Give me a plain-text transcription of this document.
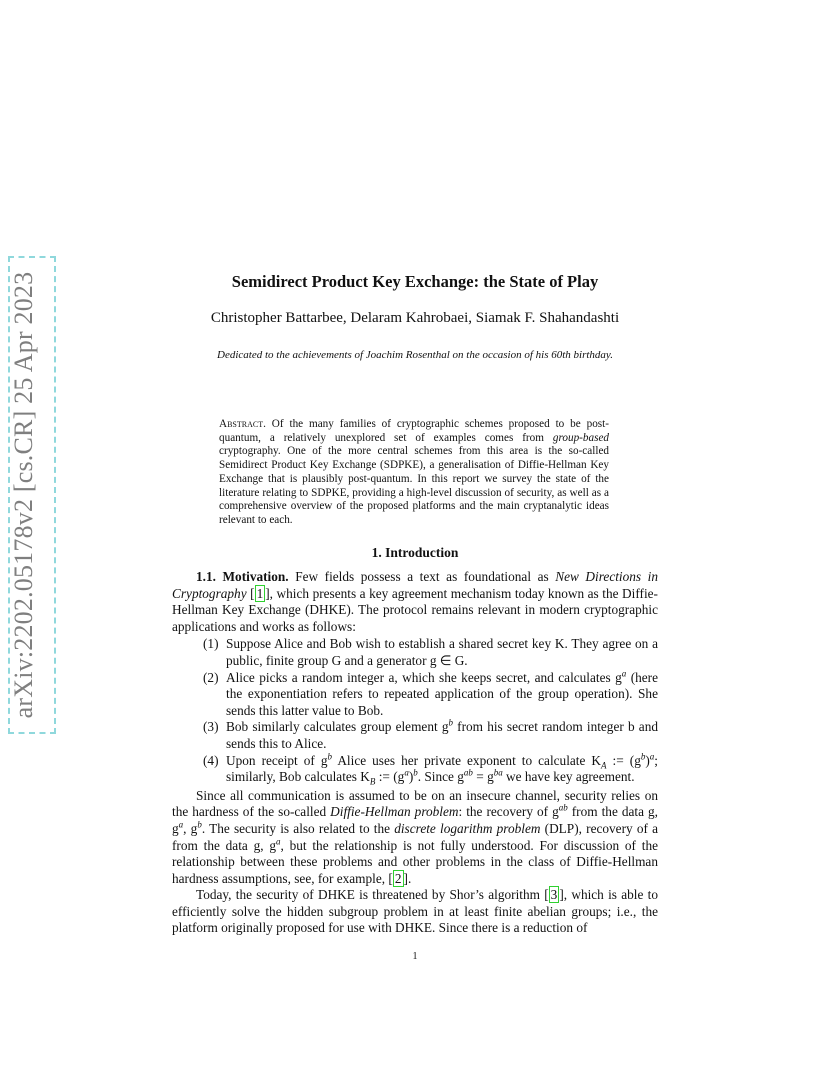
arXiv:2202.05178v2 [cs.CR] 25 Apr 2023	Semidirect Product Key Exchange: the State of Play
Christopher Battarbee, Delaram Kahrobaei, Siamak F. Shahandashti
Dedicated to the achievements of Joachim Rosenthal on the occasion of his 60th birthday.
Abstract. Of the many families of cryptographic schemes proposed to be post-quantum, a relatively unexplored set of examples comes from group-based cryptography. One of the more central schemes from this area is the so-called Semidirect Product Key Exchange (SDPKE), a generalisation of Diffie-Hellman Key Exchange that is plausibly post-quantum. In this report we survey the state of the literature relating to SDPKE, providing a high-level discussion of security, as well as a comprehensive overview of the proposed platforms and the main cryptanalytic ideas relevant to each.
1. Introduction

1.1. Motivation. Few fields possess a text as foundational as New Directions in Cryptography [ 1 ], which presents a key agreement mechanism today known as the Diffie-Hellman Key Exchange (DHKE). The protocol remains relevant in modern cryptographic applications and works as follows:

(1) Suppose Alice and Bob wish to establish a shared secret key K. They agree on a public, finite group G and a generator g ∈ G.
(2) Alice picks a random integer a, which she keeps secret, and calculates $g^a$ (here the exponentiation refers to repeated application of the group operation). She sends this latter value to Bob.
(3) Bob similarly calculates group element $g^b$ from his secret random integer b and sends this to Alice.
(4) Upon receipt of $g^b$ Alice uses her private exponent to calculate $K_A$ := $(g^b)^a$; similarly, Bob calculates $K_B$ := $(g^a)^b$. Since $g^{ab} = g^{ba}$ we have key agreement.

Since all communication is assumed to be on an insecure channel, security relies on the hardness of the so-called Diffie-Hellman problem: the recovery of $g^{ab}$ from the data g, $g^a$, $g^b$. The security is also related to the discrete logarithm problem (DLP), recovery of a from the data g, $g^a$, but the relationship is not fully understood. For discussion of the relationship between these problems and other problems in the class of Diffie-Hellman hardness assumptions, see, for example, [ 2 ].

Today, the security of DHKE is threatened by Shor’s algorithm [ 3 ], which is able to efficiently solve the hidden subgroup problem in at least finite abelian groups; i.e., the platform originally proposed for use with DHKE. Since there is a reduction of

1
